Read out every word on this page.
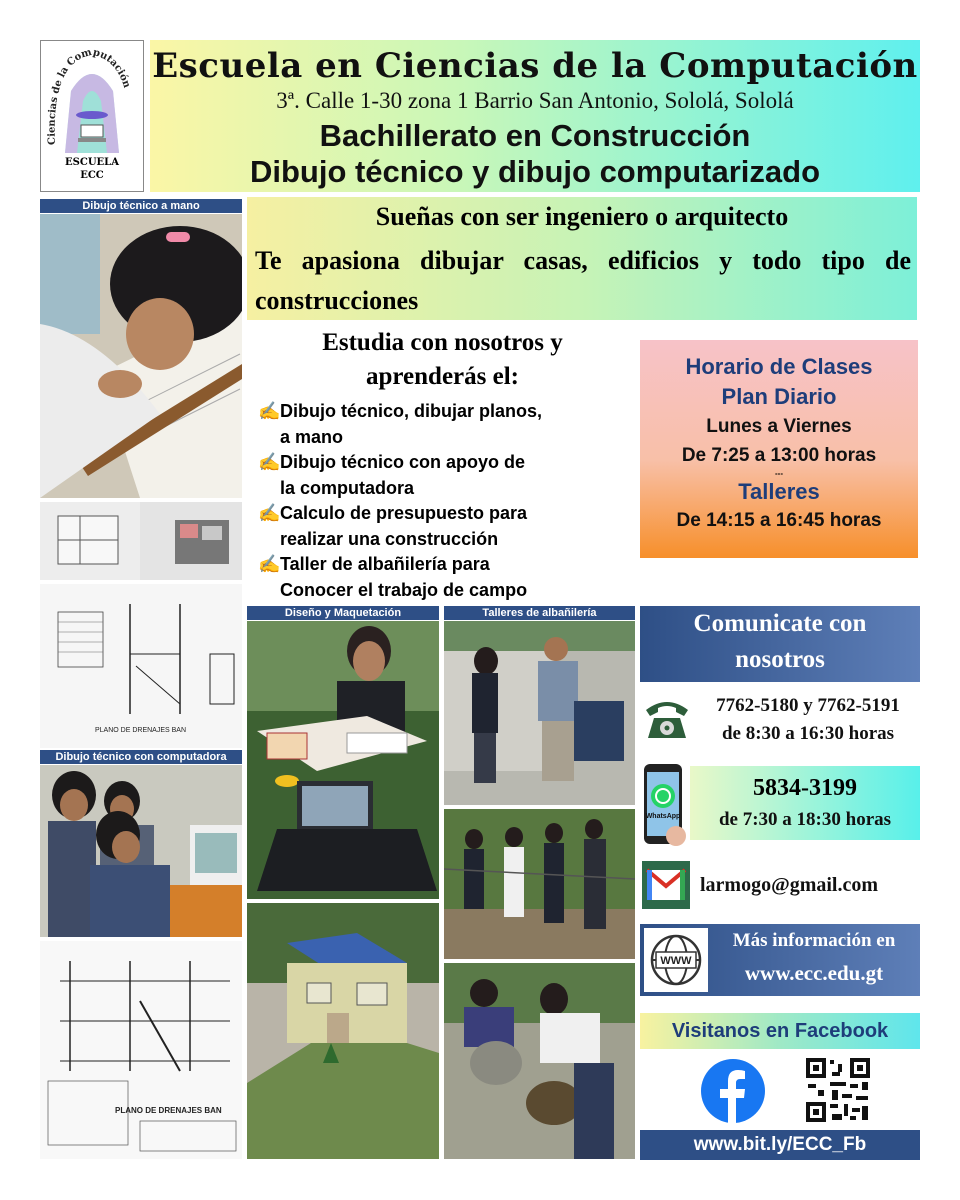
Ciencias de la Computación
ESCUELA
ECC
Escuela en Ciencias de la Computación
3ª. Calle 1-30 zona 1 Barrio San Antonio, Sololá, Sololá
Bachillerato en Construcción
Dibujo técnico y dibujo computarizado
Dibujo técnico a mano
PLANO DE DRENAJES BAN
Dibujo técnico con computadora
PLANO DE DRENAJES BAN
Sueñas con ser ingeniero o arquitecto
Te apasiona dibujar casas, edificios y todo tipo de construcciones
Estudia con nosotros y
aprenderás el:
✍Dibujo técnico, dibujar planos,
a mano
✍Dibujo técnico con apoyo de
la computadora
✍Calculo de presupuesto para
realizar una construcción
✍Taller de albañilería para
Conocer el trabajo de campo
Horario de Clases
Plan Diario
Lunes a Viernes
De 7:25 a 13:00 horas
---
Talleres
De 14:15 a 16:45 horas
Diseño y Maquetación	Talleres de albañilería	Comunicate con
nosotros
7762-5180 y 7762-5191
de 8:30 a 16:30 horas
WhatsApp
5834-3199
de 7:30 a 18:30 horas
larmogo@gmail.com
WWW
Más información en
www.ecc.edu.gt
Visitanos en Facebook
www.bit.ly/ECC_Fb
